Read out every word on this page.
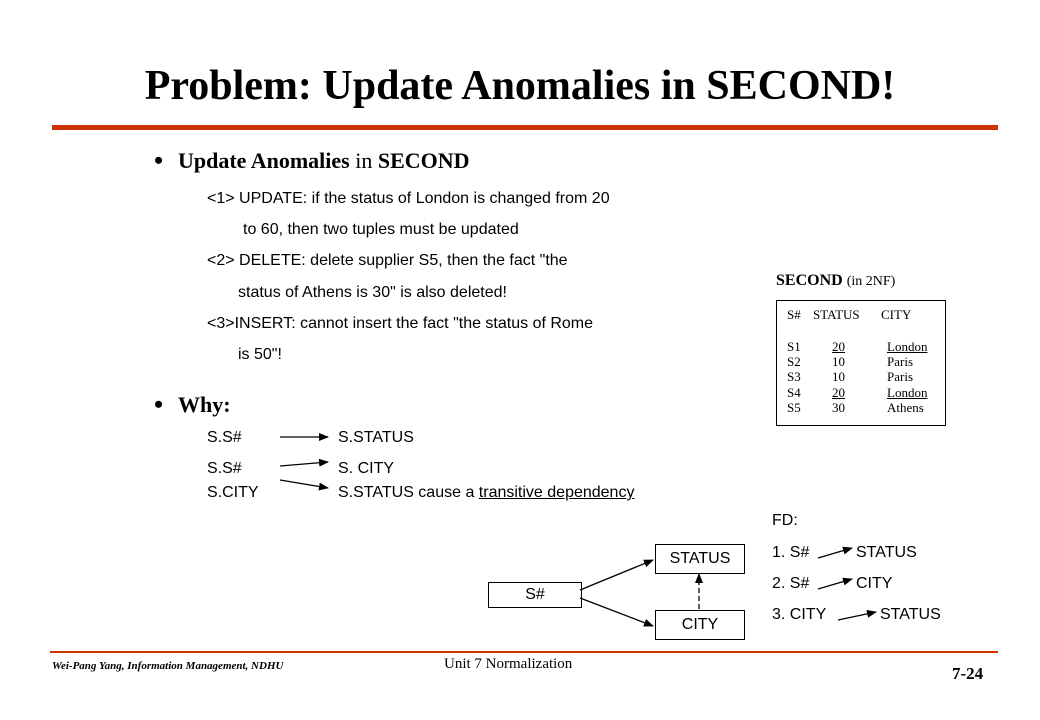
Problem: Update Anomalies in SECOND!
• Update Anomalies in SECOND
<1> UPDATE: if the status of London is changed from 20
to 60, then two tuples must be updated
<2> DELETE: delete supplier S5, then the fact "the
status of Athens is 30" is also deleted!
<3>INSERT: cannot insert the fact "the status of Rome
is 50"!
• Why:
S.S#	S.STATUS
S.S#	S. CITY
S.CITY	S.STATUS cause a transitive dependency
SECOND (in 2NF)
S# STATUS CITY
S1 20	London
S2 10	Paris
S3 10	Paris
S4 20	London
S5 30	Athens
FD:
1. S#	STATUS
2. S#	CITY
3. CITY	STATUS
S#
STATUS
CITY
Wei-Pang Yang, Information Management, NDHU	Unit 7 Normalization	7-24
